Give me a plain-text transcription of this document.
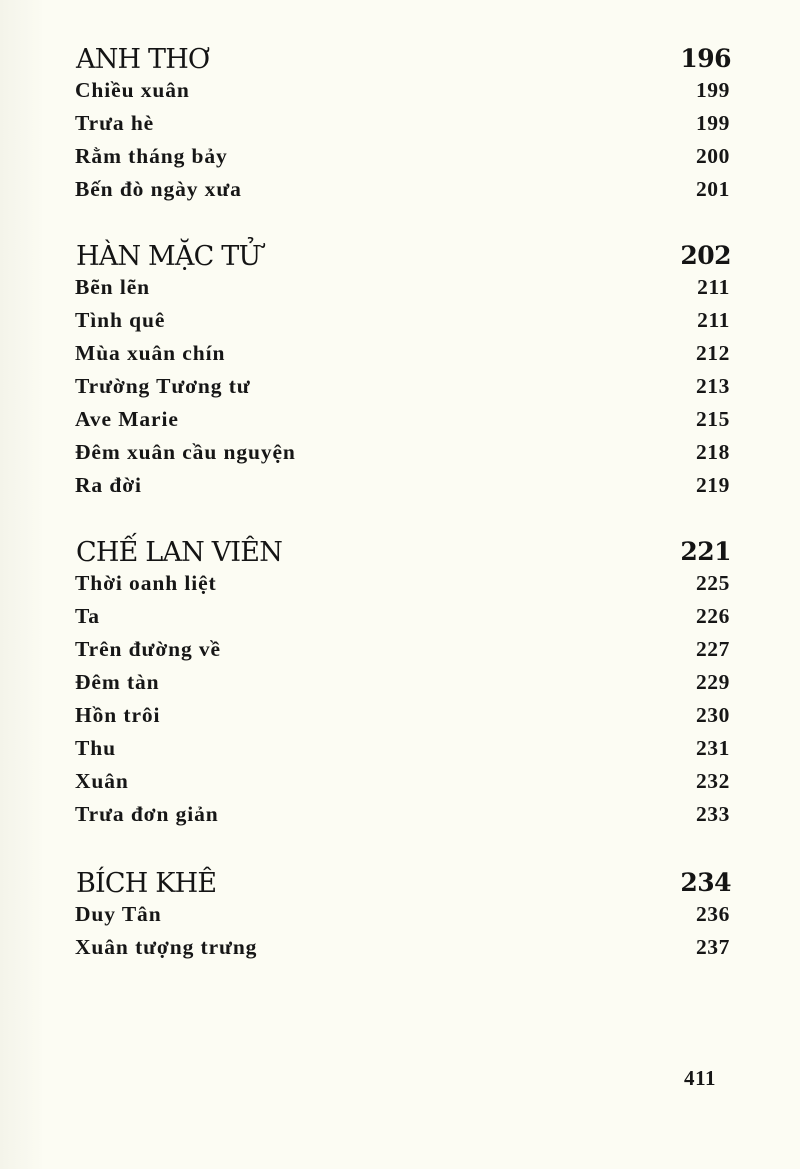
ANH THƠ	196
Chiều xuân	199
Trưa hè	199
Rằm tháng bảy	200
Bến đò ngày xưa	201
HÀN MẶC TỬ	202
Bẽn lẽn	211
Tình quê	211
Mùa xuân chín	212
Trường Tương tư	213
Ave Marie	215
Đêm xuân cầu nguyện	218
Ra đời	219
CHẾ LAN VIÊN	221
Thời oanh liệt	225
Ta	226
Trên đường về	227
Đêm tàn	229
Hồn trôi	230
Thu	231
Xuân	232
Trưa đơn giản	233
BÍCH KHÊ	234
Duy Tân	236
Xuân tượng trưng	237
411
